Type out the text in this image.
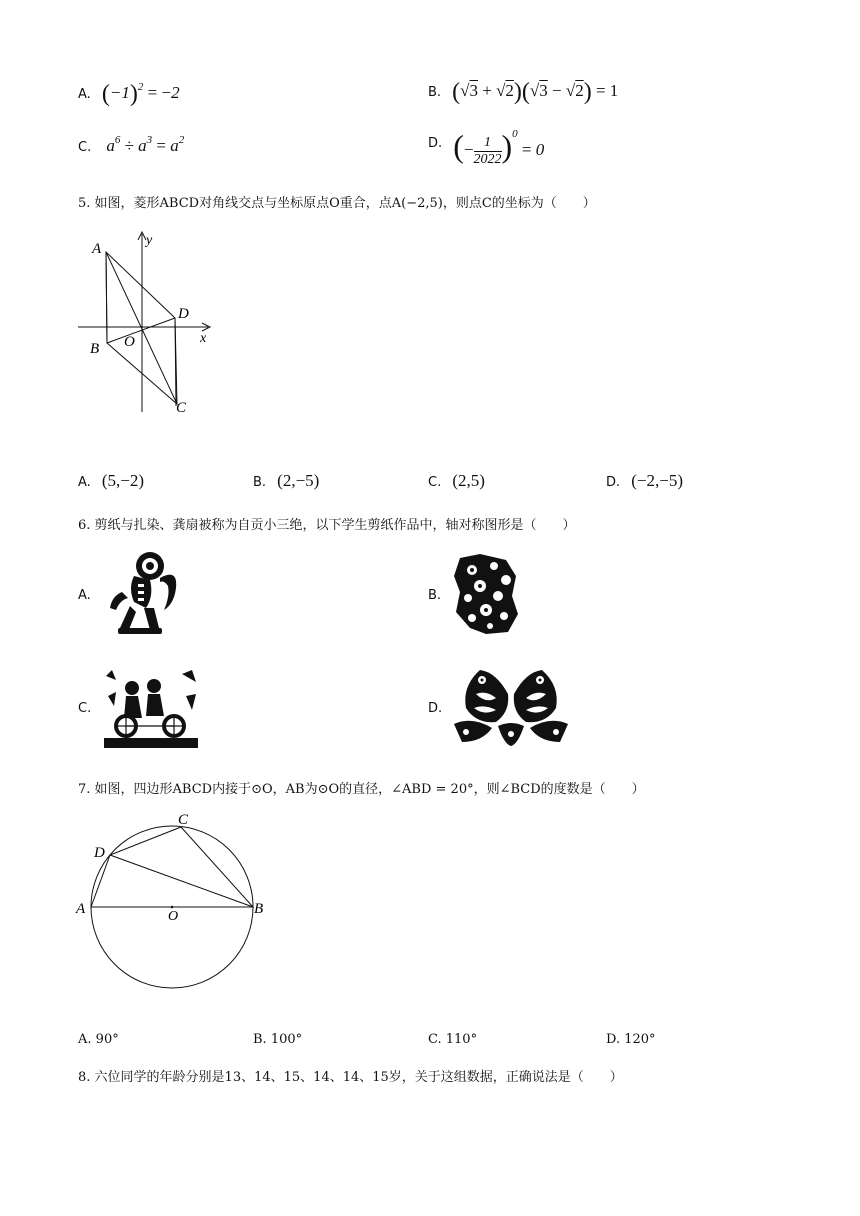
A. $(-1)^2 = -2$	B. (√3 + √2)(√3 − √2) = 1
C. $a^6 \div a^3 = a^2$	$^{D.}$ (− $\frac{1}{2022} )^0 = 0$
5. 如图，菱形ABCD对角线交点与坐标原点O重合，点A(−2,5)，则点C的坐标为（　　）
A
y
D
x
B O
C
A. (5,−2)	B. (2,−5)	C. (2,5)	D. (−2,−5)
6. 剪纸与扎染、龚扇被称为自贡小三绝，以下学生剪纸作品中，轴对称图形是（　　）
A.	B.
C.	D.
7. 如图，四边形ABCD内接于⊙O，AB为⊙O的直径，∠ABD = 20°，则∠BCD的度数是（　　）
C
D
A	O	B
A. 90°	B. 100°	C. 110°	D. 120°
8. 六位同学的年龄分别是13、14、15、14、14、15岁，关于这组数据，正确说法是（　　）
